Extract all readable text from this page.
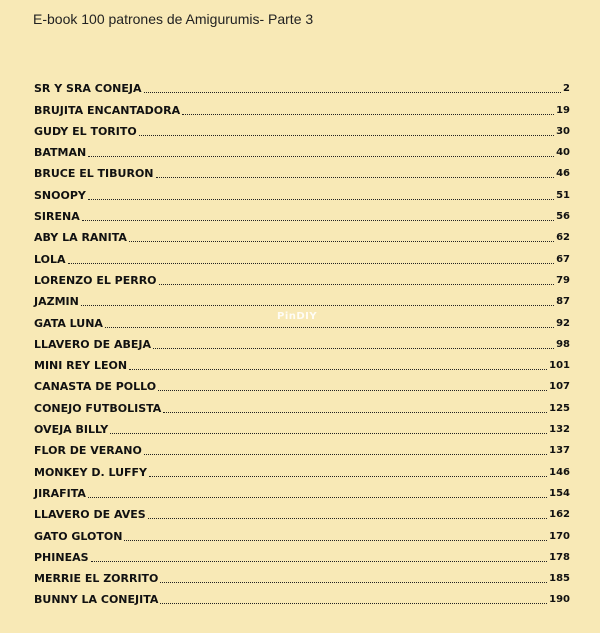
E-book 100 patrones de Amigurumis- Parte 3
SR Y SRA CONEJA	2
BRUJITA ENCANTADORA	19
GUDY EL TORITO	30
BATMAN	40
BRUCE EL TIBURON	46
SNOOPY	51
SIRENA	56
ABY LA RANITA	62
LOLA	67
LORENZO EL PERRO	79
JAZMIN	87
GATA LUNA	92
LLAVERO DE ABEJA	98
MINI REY LEON	101
CANASTA DE POLLO	107
CONEJO FUTBOLISTA	125
OVEJA BILLY	132
FLOR DE VERANO	137
MONKEY D. LUFFY	146
JIRAFITA	154
LLAVERO DE AVES	162
GATO GLOTON	170
PHINEAS	178
MERRIE EL ZORRITO	185
BUNNY LA CONEJITA	190
PinDIY
